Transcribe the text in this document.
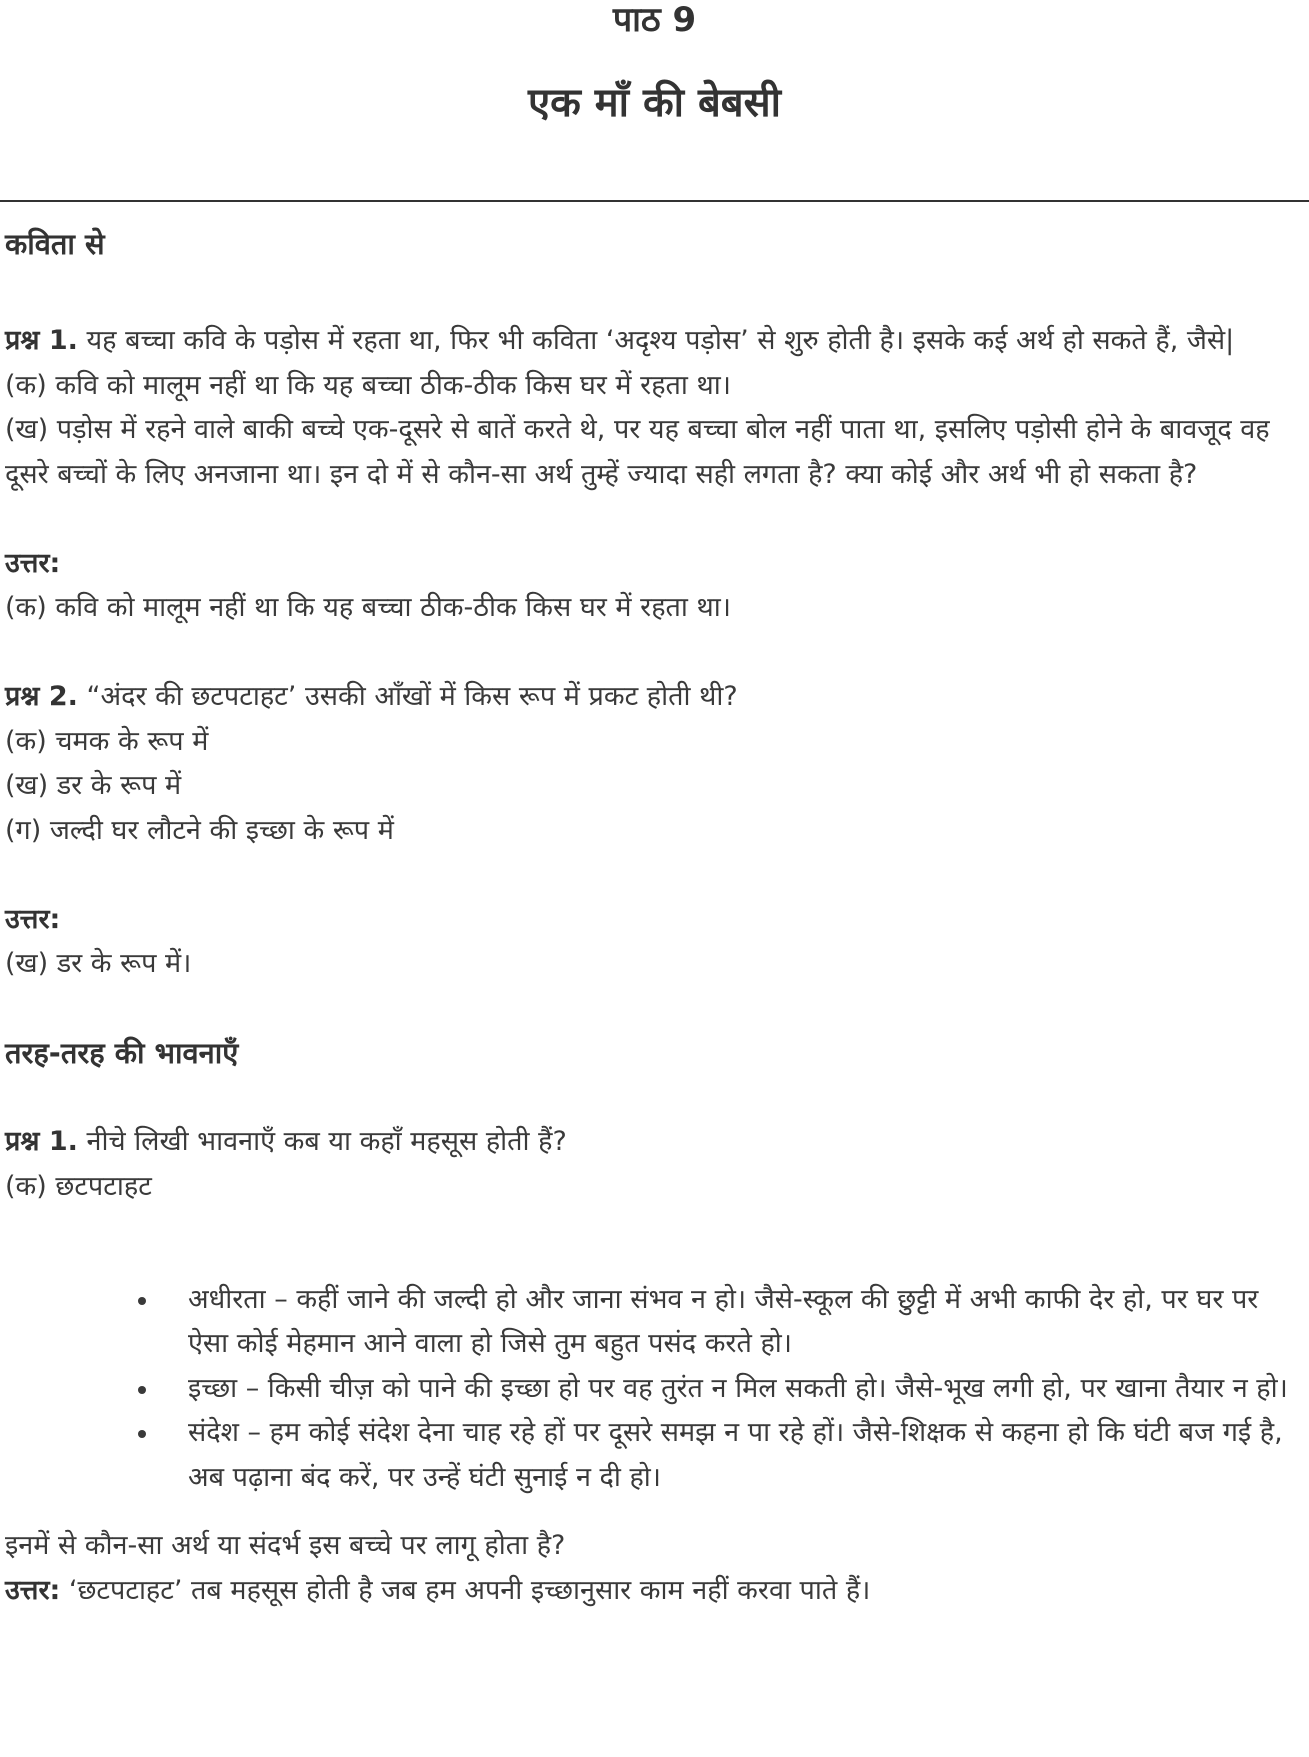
पाठ 9
एक माँ की बेबसी
कविता से
प्रश्न 1. यह बच्चा कवि के पड़ोस में रहता था, फिर भी कविता ‘अदृश्य पड़ोस’ से शुरु होती है। इसके कई अर्थ हो सकते हैं, जैसे|
(क) कवि को मालूम नहीं था कि यह बच्चा ठीक-ठीक किस घर में रहता था।
(ख) पड़ोस में रहने वाले बाकी बच्चे एक-दूसरे से बातें करते थे, पर यह बच्चा बोल नहीं पाता था, इसलिए पड़ोसी होने के बावजूद वह दूसरे बच्चों के लिए अनजाना था। इन दो में से कौन-सा अर्थ तुम्हें ज्यादा सही लगता है? क्या कोई और अर्थ भी हो सकता है?
उत्तर:
(क) कवि को मालूम नहीं था कि यह बच्चा ठीक-ठीक किस घर में रहता था।
प्रश्न 2. “अंदर की छटपटाहट’ उसकी आँखों में किस रूप में प्रकट होती थी?
(क) चमक के रूप में
(ख) डर के रूप में
(ग) जल्दी घर लौटने की इच्छा के रूप में
उत्तर:
(ख) डर के रूप में।
तरह-तरह की भावनाएँ
प्रश्न 1. नीचे लिखी भावनाएँ कब या कहाँ महसूस होती हैं?
(क) छटपटाहट
अधीरता – कहीं जाने की जल्दी हो और जाना संभव न हो। जैसे-स्कूल की छुट्टी में अभी काफी देर हो, पर घर पर ऐसा कोई मेहमान आने वाला हो जिसे तुम बहुत पसंद करते हो।
इच्छा – किसी चीज़ को पाने की इच्छा हो पर वह तुरंत न मिल सकती हो। जैसे-भूख लगी हो, पर खाना तैयार न हो।
संदेश – हम कोई संदेश देना चाह रहे हों पर दूसरे समझ न पा रहे हों। जैसे-शिक्षक से कहना हो कि घंटी बज गई है, अब पढ़ाना बंद करें, पर उन्हें घंटी सुनाई न दी हो।
इनमें से कौन-सा अर्थ या संदर्भ इस बच्चे पर लागू होता है?
उत्तर: ‘छटपटाहट’ तब महसूस होती है जब हम अपनी इच्छानुसार काम नहीं करवा पाते हैं।
